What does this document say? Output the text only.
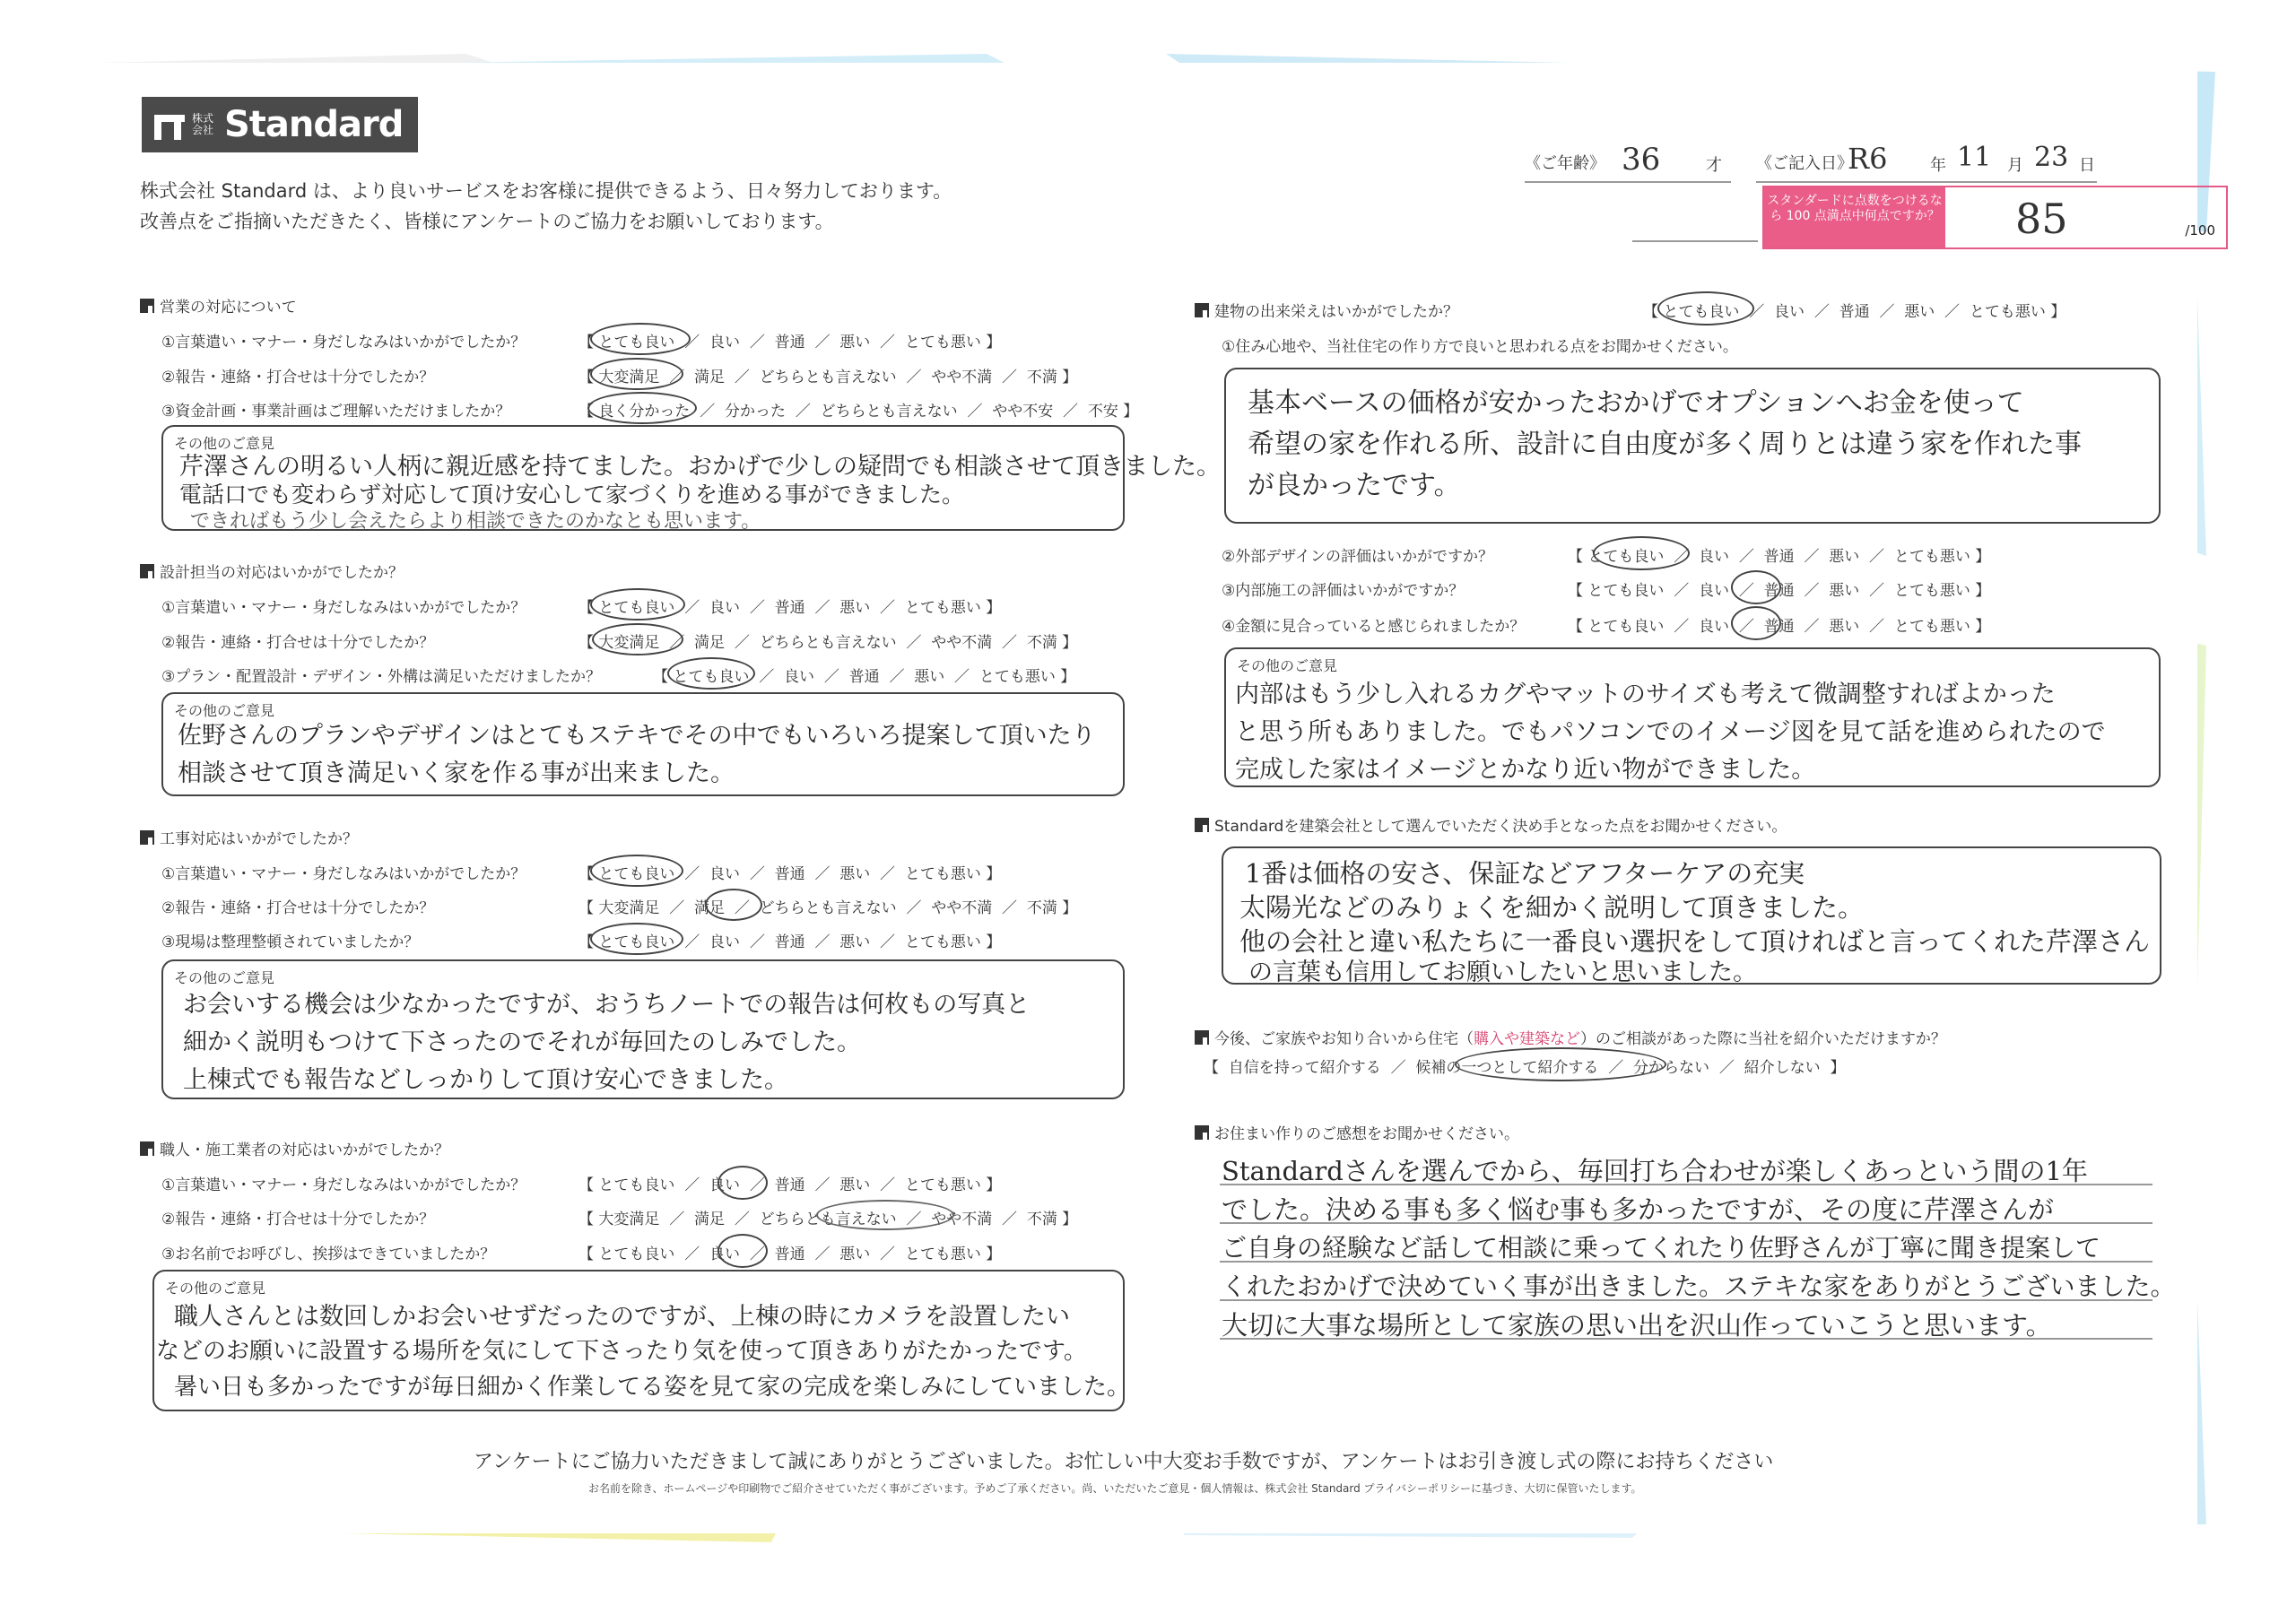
株式会社 Standard
株式会社 Standard は、より良いサービスをお客様に提供できるよう、日々努力しております。
改善点をご指摘いただきたく、皆様にアンケートのご協力をお願いしております。
《ご年齢》 36	才 《ご記入日》
R6	年 11 月 23 日
スタンダードに点数をつけるなら 100 点満点中何点ですか？ 85	/100
営業の対応について
①言葉遣い・マナー・身だしなみはいかがでしたか？	【 とても良い  ／  良い  ／  普通  ／  悪い  ／  とても悪い 】
②報告・連絡・打合せは十分でしたか？	【 大変満足  ／  満足  ／  どちらとも言えない  ／  やや不満  ／  不満 】
③資金計画・事業計画はご理解いただけましたか？	【 良く分かった  ／  分かった  ／  どちらとも言えない  ／  やや不安  ／  不安 】
その他のご意見
芹澤さんの明るい人柄に親近感を持てました。おかげで少しの疑問でも相談させて頂きました。
電話口でも変わらず対応して頂け安心して家づくりを進める事ができました。
できればもう少し会えたらより相談できたのかなとも思います。
設計担当の対応はいかがでしたか？
①言葉遣い・マナー・身だしなみはいかがでしたか？	【 とても良い  ／  良い  ／  普通  ／  悪い  ／  とても悪い 】
②報告・連絡・打合せは十分でしたか？	【 大変満足  ／  満足  ／  どちらとも言えない  ／  やや不満  ／  不満 】
③プラン・配置設計・デザイン・外構は満足いただけましたか？	【 とても良い  ／  良い  ／  普通  ／  悪い  ／  とても悪い 】
その他のご意見
佐野さんのプランやデザインはとてもステキでその中でもいろいろ提案して頂いたり
相談させて頂き満足いく家を作る事が出来ました。
工事対応はいかがでしたか？
①言葉遣い・マナー・身だしなみはいかがでしたか？	【 とても良い  ／  良い  ／  普通  ／  悪い  ／  とても悪い 】
②報告・連絡・打合せは十分でしたか？	【 大変満足  ／  満足  ／  どちらとも言えない  ／  やや不満  ／  不満 】
③現場は整理整頓されていましたか？	【 とても良い  ／  良い  ／  普通  ／  悪い  ／  とても悪い 】
その他のご意見
お会いする機会は少なかったですが、おうちノートでの報告は何枚もの写真と
細かく説明もつけて下さったのでそれが毎回たのしみでした。
上棟式でも報告などしっかりして頂け安心できました。
職人・施工業者の対応はいかがでしたか？
①言葉遣い・マナー・身だしなみはいかがでしたか？	【 とても良い  ／  良い  ／  普通  ／  悪い  ／  とても悪い 】
②報告・連絡・打合せは十分でしたか？	【 大変満足  ／  満足  ／  どちらとも言えない  ／  やや不満  ／  不満 】
③お名前でお呼びし、挨拶はできていましたか？	【 とても良い  ／  良い  ／  普通  ／  悪い  ／  とても悪い 】
その他のご意見
職人さんとは数回しかお会いせずだったのですが、上棟の時にカメラを設置したい
などのお願いに設置する場所を気にして下さったり気を使って頂きありがたかったです。
暑い日も多かったですが毎日細かく作業してる姿を見て家の完成を楽しみにしていました。
建物の出来栄えはいかがでしたか？	【 とても良い  ／  良い  ／  普通  ／  悪い  ／  とても悪い 】
①住み心地や、当社住宅の作り方で良いと思われる点をお聞かせください。
基本ベースの価格が安かったおかげでオプションへお金を使って
希望の家を作れる所、設計に自由度が多く周りとは違う家を作れた事
が良かったです。
②外部デザインの評価はいかがですか？	【 とても良い  ／  良い  ／  普通  ／  悪い  ／  とても悪い 】
③内部施工の評価はいかがですか？	【 とても良い  ／  良い  ／  普通  ／  悪い  ／  とても悪い 】
④金額に見合っていると感じられましたか？	【 とても良い  ／  良い  ／  普通  ／  悪い  ／  とても悪い 】
その他のご意見
内部はもう少し入れるカグやマットのサイズも考えて微調整すればよかった
と思う所もありました。でもパソコンでのイメージ図を見て話を進められたので
完成した家はイメージとかなり近い物ができました。
Standardを建築会社として選んでいただく決め手となった点をお聞かせください。
1番は価格の安さ、保証などアフターケアの充実
太陽光などのみりょくを細かく説明して頂きました。
他の会社と違い私たちに一番良い選択をして頂ければと言ってくれた芹澤さん
の言葉も信用してお願いしたいと思いました。
今後、ご家族やお知り合いから住宅（ 購入や建築など ）のご相談があった際に当社を紹介いただけますか？
【  自信を持って紹介する  ／  候補の一つとして紹介する  ／  分からない  ／  紹介しない  】
お住まい作りのご感想をお聞かせください。
Standardさんを選んでから、毎回打ち合わせが楽しくあっという間の1年
でした。決める事も多く悩む事も多かったですが、その度に芹澤さんが
ご自身の経験など話して相談に乗ってくれたり佐野さんが丁寧に聞き提案して
くれたおかげで決めていく事が出きました。ステキな家をありがとうございました。
大切に大事な場所として家族の思い出を沢山作っていこうと思います。
アンケートにご協力いただきまして誠にありがとうございました。お忙しい中大変お手数ですが、アンケートはお引き渡し式の際にお持ちください
お名前を除き、ホームページや印刷物でご紹介させていただく事がございます。予めご了承ください。尚、いただいたご意見・個人情報は、株式会社 Standard プライバシーポリシーに基づき、大切に保管いたします。
